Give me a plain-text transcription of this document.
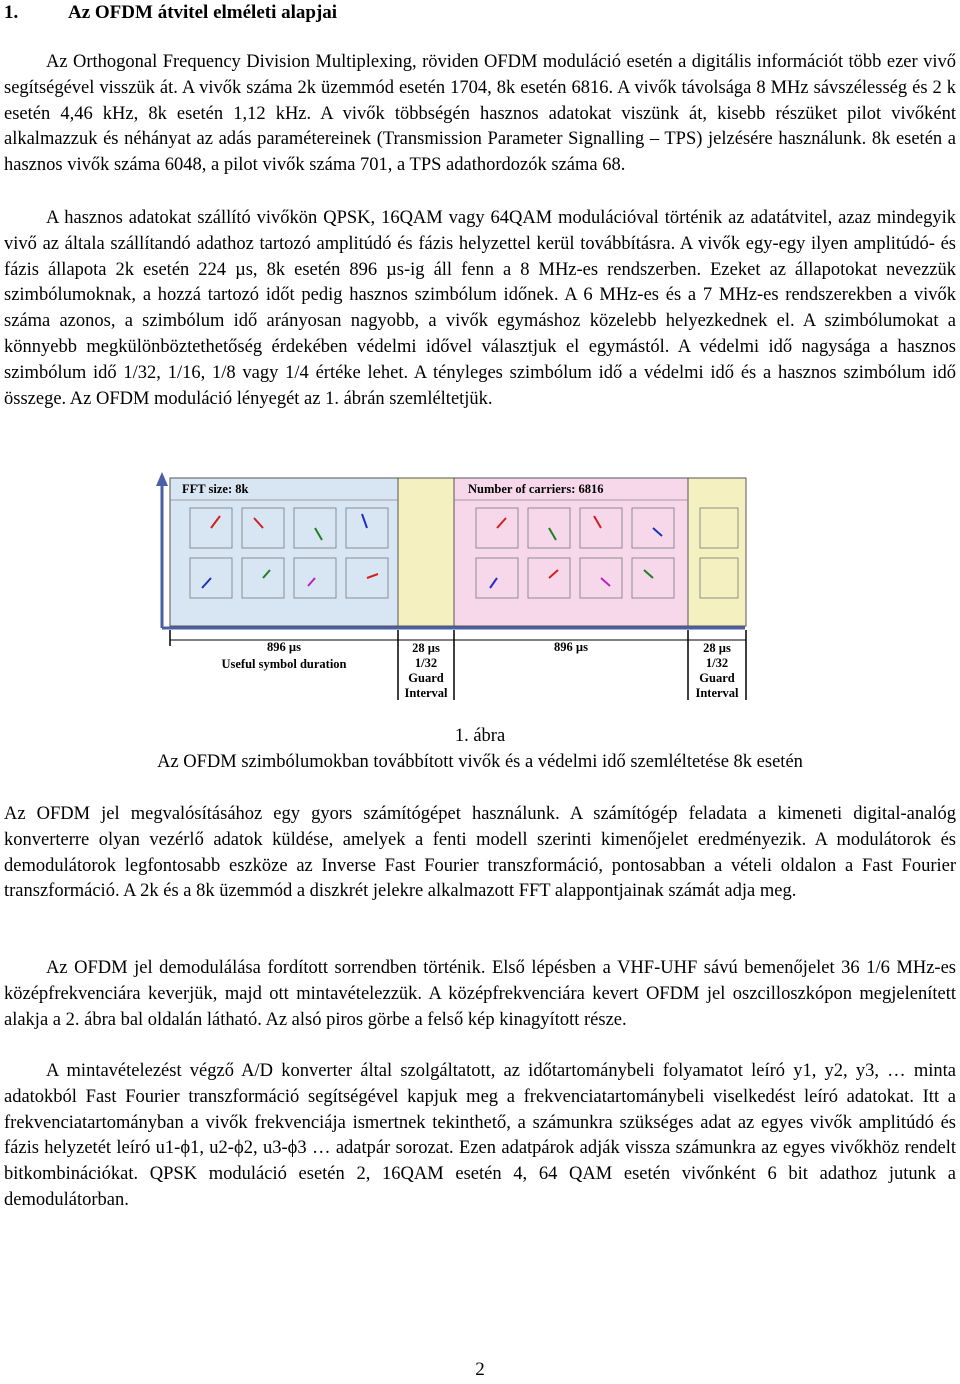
1.	Az OFDM átvitel elméleti alapjai

Az Orthogonal Frequency Division Multiplexing, röviden OFDM moduláció esetén a digitális információt több ezer vivő segítségével visszük át. A vivők száma 2k üzemmód esetén 1704, 8k esetén 6816. A vivők távolsága 8 MHz sávszélesség és 2 k esetén 4,46 kHz, 8k esetén 1,12 kHz. A vivők többségén hasznos adatokat viszünk át, kisebb részüket pilot vivőként alkalmazzuk és néhányat az adás paramétereinek (Transmission Parameter Signalling – TPS) jelzésére használunk. 8k esetén a hasznos vivők száma 6048, a pilot vivők száma 701, a TPS adathordozók száma 68.

A hasznos adatokat szállító vivőkön QPSK, 16QAM vagy 64QAM modulációval történik az adatátvitel, azaz mindegyik vivő az általa szállítandó adathoz tartozó amplitúdó és fázis helyzettel kerül továbbításra. A vivők egy-egy ilyen amplitúdó- és fázis állapota 2k esetén 224 µs, 8k esetén 896 µs-ig áll fenn a 8 MHz-es rendszerben. Ezeket az állapotokat nevezzük szimbólumoknak, a hozzá tartozó időt pedig hasznos szimbólum időnek. A 6 MHz-es és a 7 MHz-es rendszerekben a vivők száma azonos, a szimbólum idő arányosan nagyobb, a vivők egymáshoz közelebb helyezkednek el. A szimbólumokat a könnyebb megkülönböztethetőség érdekében védelmi idővel választjuk el egymástól. A védelmi idő nagysága a hasznos szimbólum idő 1/32, 1/16, 1/8 vagy 1/4 értéke lehet. A tényleges szimbólum idő a védelmi idő és a hasznos szimbólum idő összege. Az OFDM moduláció lényegét az 1. ábrán szemléltetjük.

FFT size: 8k	Number of carriers: 6816
896 µs
Useful symbol duration
28 µs
1/32
Guard
Interval
896 µs	28 µs
1/32
Guard
Interval
1. ábra
Az OFDM szimbólumokban továbbított vivők és a védelmi idő szemléltetése 8k esetén

Az OFDM jel megvalósításához egy gyors számítógépet használunk. A számítógép feladata a kimeneti digital-analóg konverterre olyan vezérlő adatok küldése, amelyek a fenti modell szerinti kimenőjelet eredményezik. A modulátorok és demodulátorok legfontosabb eszköze az Inverse Fast Fourier transzformáció, pontosabban a vételi oldalon a Fast Fourier transzformáció. A 2k és a 8k üzemmód a diszkrét jelekre alkalmazott FFT alappontjainak számát adja meg.

Az OFDM jel demodulálása fordított sorrendben történik. Első lépésben a VHF-UHF sávú bemenőjelet 36 1/6 MHz-es középfrekvenciára keverjük, majd ott mintavételezzük. A középfrekvenciára kevert OFDM jel oszcilloszkópon megjelenített alakja a 2. ábra bal oldalán látható. Az alsó piros görbe a felső kép kinagyított része.

A mintavételezést végző A/D konverter által szolgáltatott, az időtartománybeli folyamatot leíró y1, y2, y3, … minta adatokból Fast Fourier transzformáció segítségével kapjuk meg a frekvenciatartománybeli viselkedést leíró adatokat. Itt a frekvenciatartományban a vivők frekvenciája ismertnek tekinthető, a számunkra szükséges adat az egyes vivők amplitúdó és fázis helyzetét leíró u1-ϕ1, u2-ϕ2, u3-ϕ3 … adatpár sorozat. Ezen adatpárok adják vissza számunkra az egyes vivőkhöz rendelt bitkombinációkat. QPSK moduláció esetén 2, 16QAM esetén 4, 64 QAM esetén vivőnként 6 bit adathoz jutunk a demodulátorban.

2
